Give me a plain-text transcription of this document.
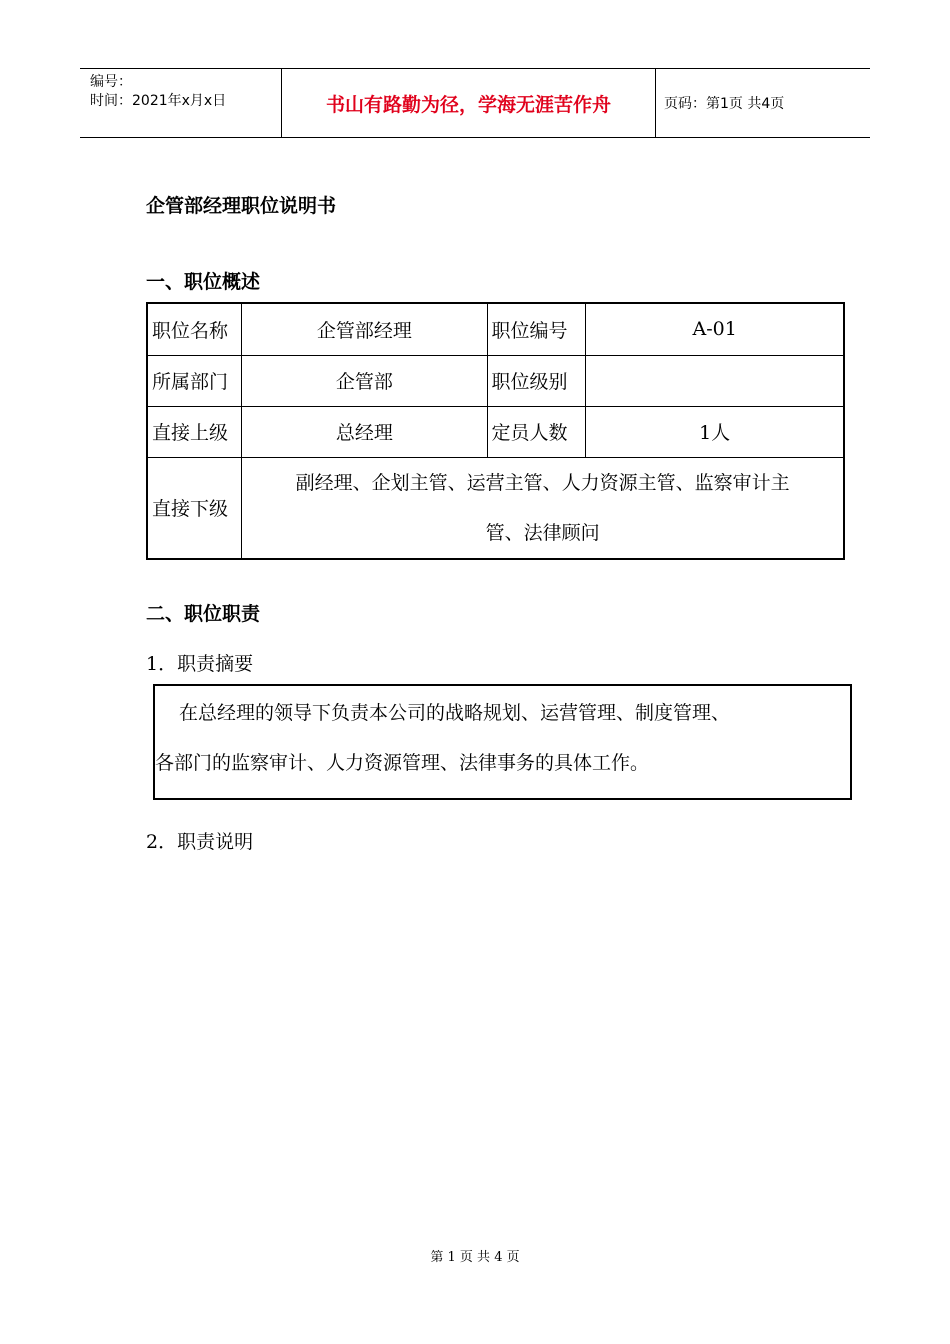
编号：
时间：2021年x月x日	书山有路勤为径，学海无涯苦作舟	页码：第1页 共4页
企管部经理职位说明书
一、职位概述
职位名称	企管部经理	职位编号	A-01
所属部门	企管部	职位级别	
直接上级	总经理	定员人数	1人
直接下级	副经理、企划主管、运营主管、人力资源主管、监察审计主
管、法律顾问		
二、职位职责
1．职责摘要

在总经理的领导下负责本公司的战略规划、运营管理、制度管理、

各部门的监察审计、人力资源管理、法律事务的具体工作。
2．职责说明
第 1 页 共 4 页
